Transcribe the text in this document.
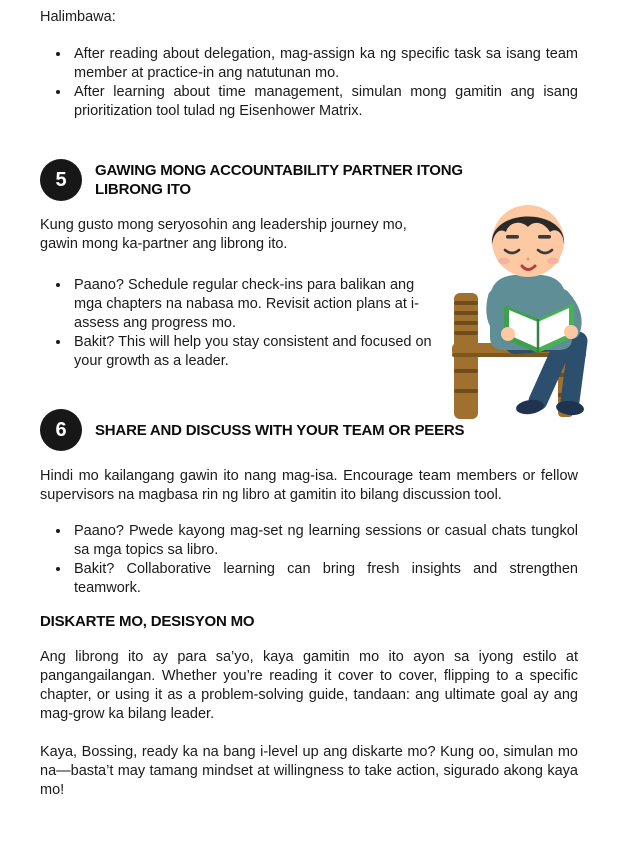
Halimbawa:

• After reading about delegation, mag-assign ka ng specific task sa isang team member at practice-in ang natutunan mo.
• After learning about time management, simulan mong gamitin ang isang prioritization tool tulad ng Eisenhower Matrix.
5	GAWING MONG ACCOUNTABILITY PARTNER ITONG LIBRONG ITO

Kung gusto mong seryosohin ang leadership journey mo, gawin mong ka-partner ang librong ito.

• Paano? Schedule regular check-ins para balikan ang mga chapters na nabasa mo. Revisit action plans at i-assess ang progress mo.
• Bakit? This will help you stay consistent and focused on your growth as a leader.
6	SHARE AND DISCUSS WITH YOUR TEAM OR PEERS

Hindi mo kailangang gawin ito nang mag-isa. Encourage team members or fellow supervisors na magbasa rin ng libro at gamitin ito bilang discussion tool.

• Paano? Pwede kayong mag-set ng learning sessions or casual chats tungkol sa mga topics sa libro.
• Bakit? Collaborative learning can bring fresh insights and strengthen teamwork.
DISKARTE MO, DESISYON MO

Ang librong ito ay para sa’yo, kaya gamitin mo ito ayon sa iyong estilo at pangangailangan. Whether you’re reading it cover to cover, flipping to a specific chapter, or using it as a problem-solving guide, tandaan: ang ultimate goal ay ang mag-grow ka bilang leader.

Kaya, Bossing, ready ka na bang i-level up ang diskarte mo? Kung oo, simulan mo na—basta’t may tamang mindset at willingness to take action, sigurado akong kaya mo!
